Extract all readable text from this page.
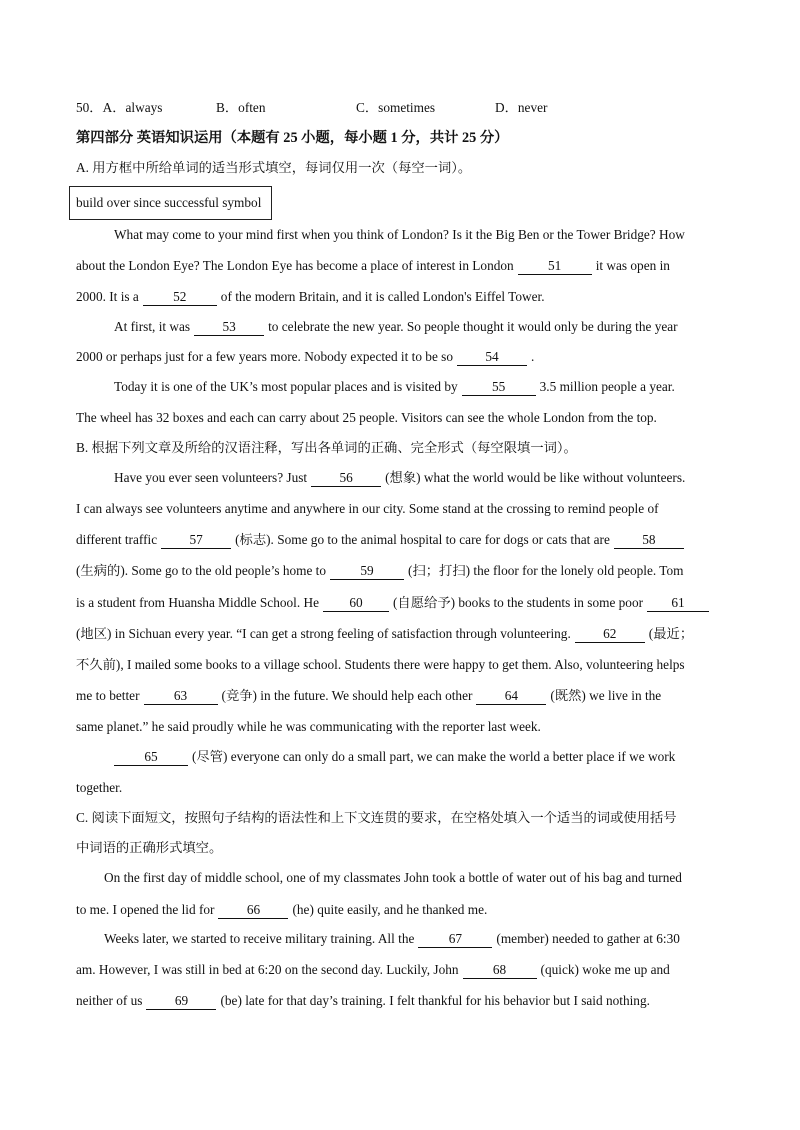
50．A．always	B．often	C．sometimes	D．never
第四部分 英语知识运用（本题有 25 小题，每小题 1 分，共计 25 分）
A. 用方框中所给单词的适当形式填空，每词仅用一次（每空一词）。
build over since successful symbol
What may come to your mind first when you think of London? Is it the Big Ben or the Tower Bridge? How
about the London Eye? The London Eye has become a place of interest in London	51	it was open in
2000. It is a	52	of the modern Britain, and it is called London's Eiffel Tower.
At first, it was 53 to celebrate the new year. So people thought it would only be during the year
2000 or perhaps just for a few years more. Nobody expected it to be so 54 .
Today it is one of the UK’s most popular places and is visited by	55	3.5 million people a year.
The wheel has 32 boxes and each can carry about 25 people. Visitors can see the whole London from the top.
B. 根据下列文章及所给的汉语注释，写出各单词的正确、完全形式（每空限填一词）。
Have you ever seen volunteers? Just 56 (想象) what the world would be like without volunteers.
I can always see volunteers anytime and anywhere in our city. Some stand at the crossing to remind people of
different traffic 57 (标志). Some go to the animal hospital to care for dogs or cats that are 58
(生病的). Some go to the old people’s home to	59	(扫；打扫) the floor for the lonely old people. Tom
is a student from Huansha Middle School. He 60 (自愿给予) books to the students in some poor 61
(地区) in Sichuan every year. “I can get a strong feeling of satisfaction through volunteering. 62 (最近；
不久前), I mailed some books to a village school. Students there were happy to get them. Also, volunteering helps
me to better	63	(竞争) in the future. We should help each other 64 (既然) we live in the
same planet.” he said proudly while he was communicating with the reporter last week.
65	(尽管) everyone can only do a small part, we can make the world a better place if we work
together.
C. 阅读下面短文，按照句子结构的语法性和上下文连贯的要求，在空格处填入一个适当的词或使用括号
中词语的正确形式填空。
On the first day of middle school, one of my classmates John took a bottle of water out of his bag and turned
to me. I opened the lid for 66 (he) quite easily, and he thanked me.
Weeks later, we started to receive military training. All the	67	(member) needed to gather at 6:30
am. However, I was still in bed at 6:20 on the second day. Luckily, John	68	(quick) woke me up and
neither of us 69 (be) late for that day’s training. I felt thankful for his behavior but I said nothing.
